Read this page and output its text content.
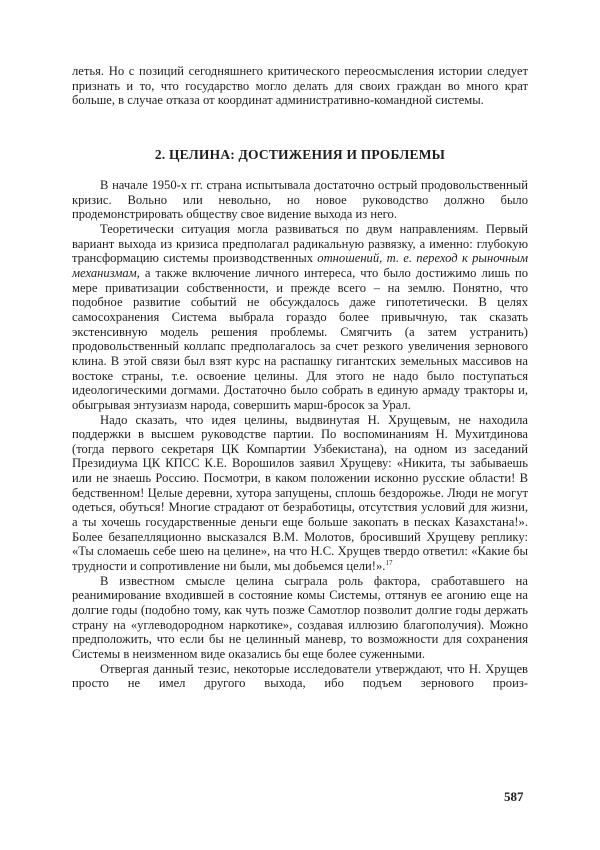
летья. Но с позиций сегодняшнего критического переосмысления истории следует признать и то, что государство могло делать для своих граждан во много крат больше, в случае отказа от координат административно-командной системы.

2. ЦЕЛИНА: ДОСТИЖЕНИЯ И ПРОБЛЕМЫ

В начале 1950-х гг. страна испытывала достаточно острый продовольственный кризис. Вольно или невольно, но новое руководство должно было продемонстрировать обществу свое видение выхода из него.

Теоретически ситуация могла развиваться по двум направлениям. Первый вариант выхода из кризиса предполагал радикальную развязку, а именно: глубокую трансформацию системы производственных отношений, т. е. переход к рыночным механизмам, а также включение личного интереса, что было достижимо лишь по мере приватизации собственности, и прежде всего – на землю. Понятно, что подобное развитие событий не обсуждалось даже гипотетически. В целях самосохранения Система выбрала гораздо более привычную, так сказать экстенсивную модель решения проблемы. Смягчить (а затем устранить) продовольственный коллапс предполагалось за счет резкого увеличения зернового клина. В этой связи был взят курс на распашку гигантских земельных массивов на востоке страны, т.е. освоение целины. Для этого не надо было поступаться идеологическими догмами. Достаточно было собрать в единую армаду тракторы и, обыгрывая энтузиазм народа, совершить марш-бросок за Урал.

Надо сказать, что идея целины, выдвинутая Н. Хрущевым, не находила поддержки в высшем руководстве партии. По воспоминаниям Н. Мухитдинова (тогда первого секретаря ЦК Компартии Узбекистана), на одном из заседаний Президиума ЦК КПСС К.Е. Ворошилов заявил Хрущеву: «Никита, ты забываешь или не знаешь Россию. Посмотри, в каком положении исконно русские области! В бедственном! Целые деревни, хутора запущены, сплошь бездорожье. Люди не могут одеться, обуться! Многие страдают от безработицы, отсутствия условий для жизни, а ты хочешь государственные деньги еще больше закопать в песках Казахстана!». Более безапелляционно высказался В.М. Молотов, бросивший Хрущеву реплику: «Ты сломаешь себе шею на целине», на что Н.С. Хрущев твердо ответил: «Какие бы трудности и сопротивление ни были, мы добьемся цели!».$^{17}$

В известном смысле целина сыграла роль фактора, сработавшего на реанимирование входившей в состояние комы Системы, оттянув ее агонию еще на долгие годы (подобно тому, как чуть позже Самотлор позволит долгие годы держать страну на «углеводородном наркотике», создавая иллюзию благополучия). Можно предположить, что если бы не целинный маневр, то возможности для сохранения Системы в неизменном виде оказались бы еще более суженными.

Отвергая данный тезис, некоторые исследователи утверждают, что Н. Хрущев просто не имел другого выхода, ибо подъем зернового произ-

587
